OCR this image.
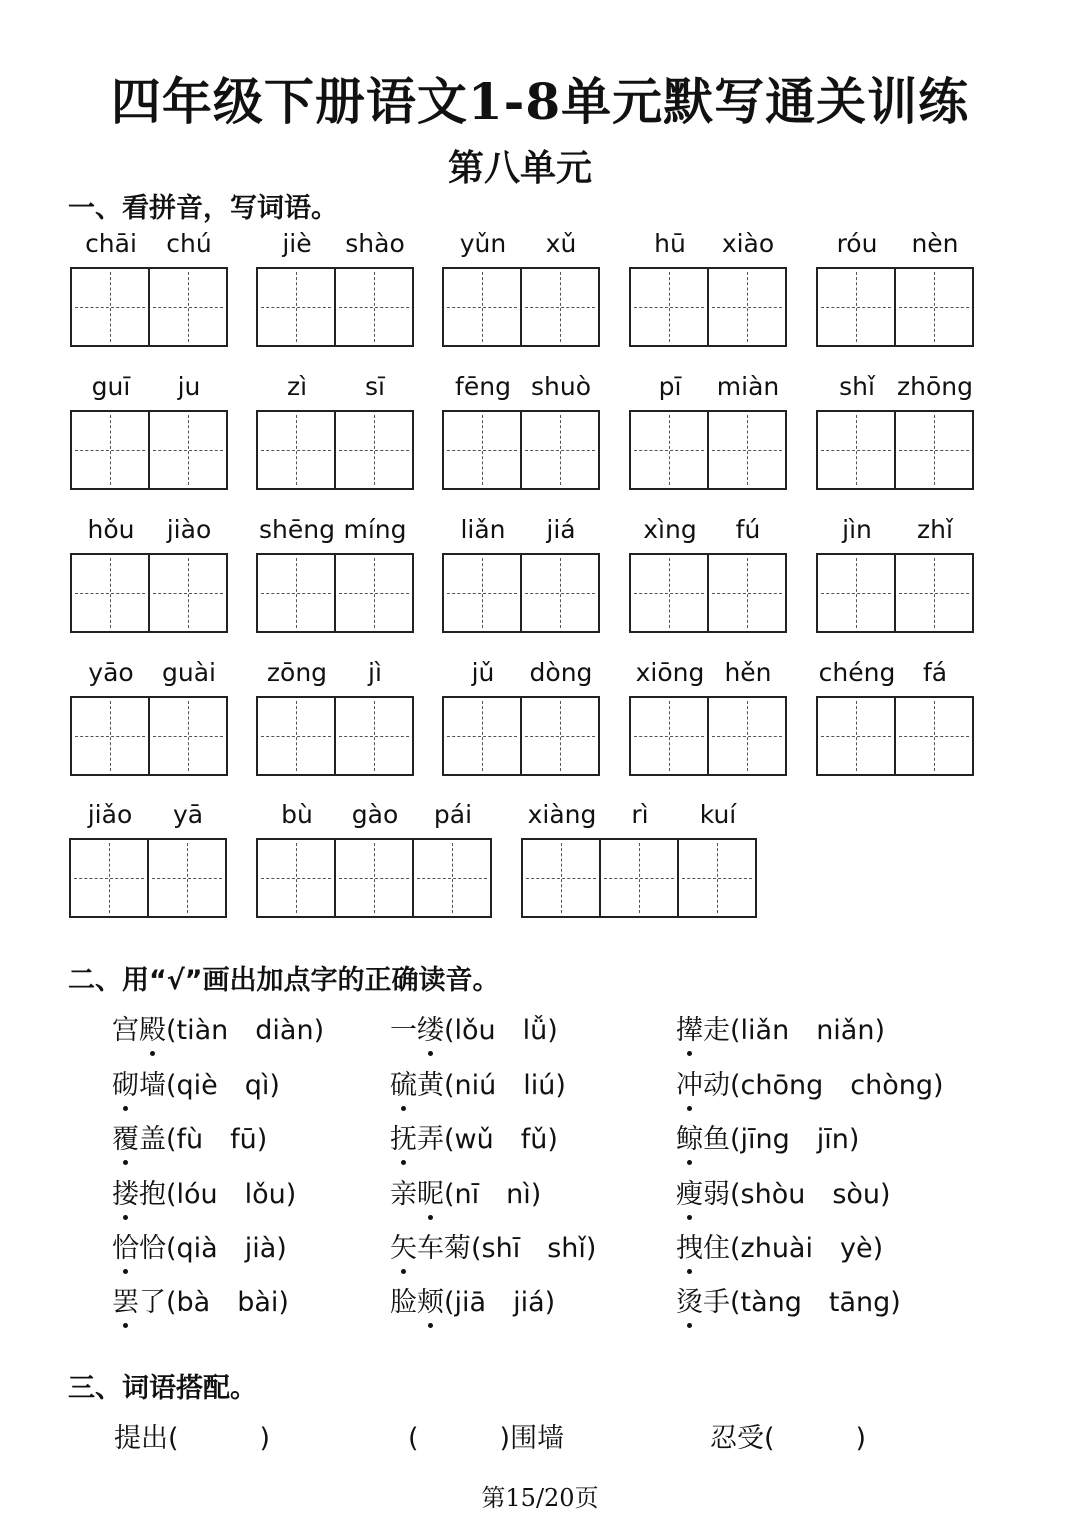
四年级下册语文1-8单元默写通关训练
第八单元
一、看拼音，写词语。
chāi	chú	jiè	shào	yǔn	xǔ	hū	xiào	róu	nèn
guī	ju	zì	sī	fēng shuò	pī	miàn	shǐ zhōng
hǒu	jiào	shēng míng	liǎn	jiá	xìng	fú	jìn	zhǐ
yāo	guài	zōng	jì	jǔ	dòng	xiōng hěn	chéng	fá
jiǎo	yā	bù	gào	pái	xiàng	rì	kuí
二、用“√”画出加点字的正确读音。
宫殿(tiàn　diàn) 一缕(lǒu　lǚ)	撵走(liǎn　niǎn)
砌墙(qiè　qì)	硫黄(niú　liú)	冲动(chōng　chòng)
覆盖(fù　fū)	抚弄(wǔ　fǔ)	鲸鱼(jīng　jīn)
搂抱(lóu　lǒu)	亲昵(nī　nì)	瘦弱(shòu　sòu)
恰恰(qià　jià)	矢车菊(shī　shǐ)	拽住(zhuài　yè)
罢了(bà　bài)	脸颊(jiā　jiá)	烫手(tàng　tāng)
三、词语搭配。
提出(　　　)	(　　　)围墙	忍受(　　　)
第15/20页
